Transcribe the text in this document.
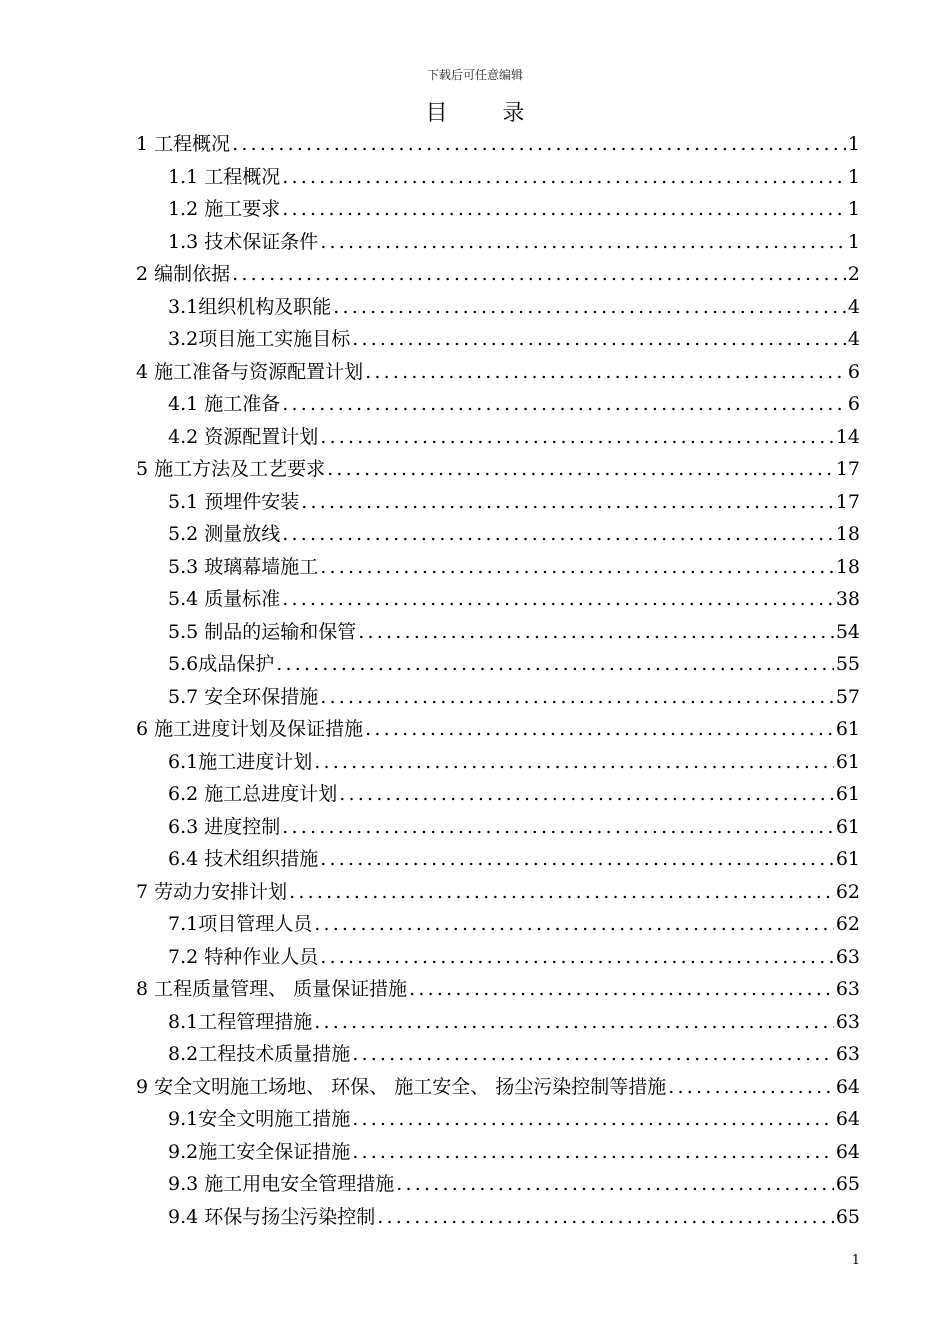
下载后可任意编辑
目 录
1 工程概况 .....	1
1.1 工程概况 .....	1
1.2 施工要求 .....	1
1.3 技术保证条件 .....	1
2 编制依据 .....	2
3.1组织机构及职能 .....	4
3.2项目施工实施目标 .....	4
4 施工准备与资源配置计划 .....	6
4.1 施工准备 .....	6
4.2 资源配置计划 .....	14
5 施工方法及工艺要求 .....	17
5.1 预埋件安装 .....	17
5.2 测量放线 .....	18
5.3 玻璃幕墙施工 .....	18
5.4 质量标准 .....	38
5.5 制品的运输和保管 .....	54
5.6成品保护 .....	55
5.7 安全环保措施 .....	57
6 施工进度计划及保证措施 .....	61
6.1施工进度计划 .....	61
6.2 施工总进度计划 .....	61
6.3 进度控制 .....	61
6.4 技术组织措施 .....	61
7 劳动力安排计划 .....	62
7.1项目管理人员 .....	62
7.2 特种作业人员 .....	63
8 工程质量管理、 质量保证措施 .....	63
8.1工程管理措施 .....	63
8.2工程技术质量措施 .....	63
9 安全文明施工场地、 环保、 施工安全、 扬尘污染控制等措施 .....	64
9.1安全文明施工措施 .....	64
9.2施工安全保证措施 .....	64
9.3 施工用电安全管理措施 .....	65
9.4 环保与扬尘污染控制 .....	65
1
